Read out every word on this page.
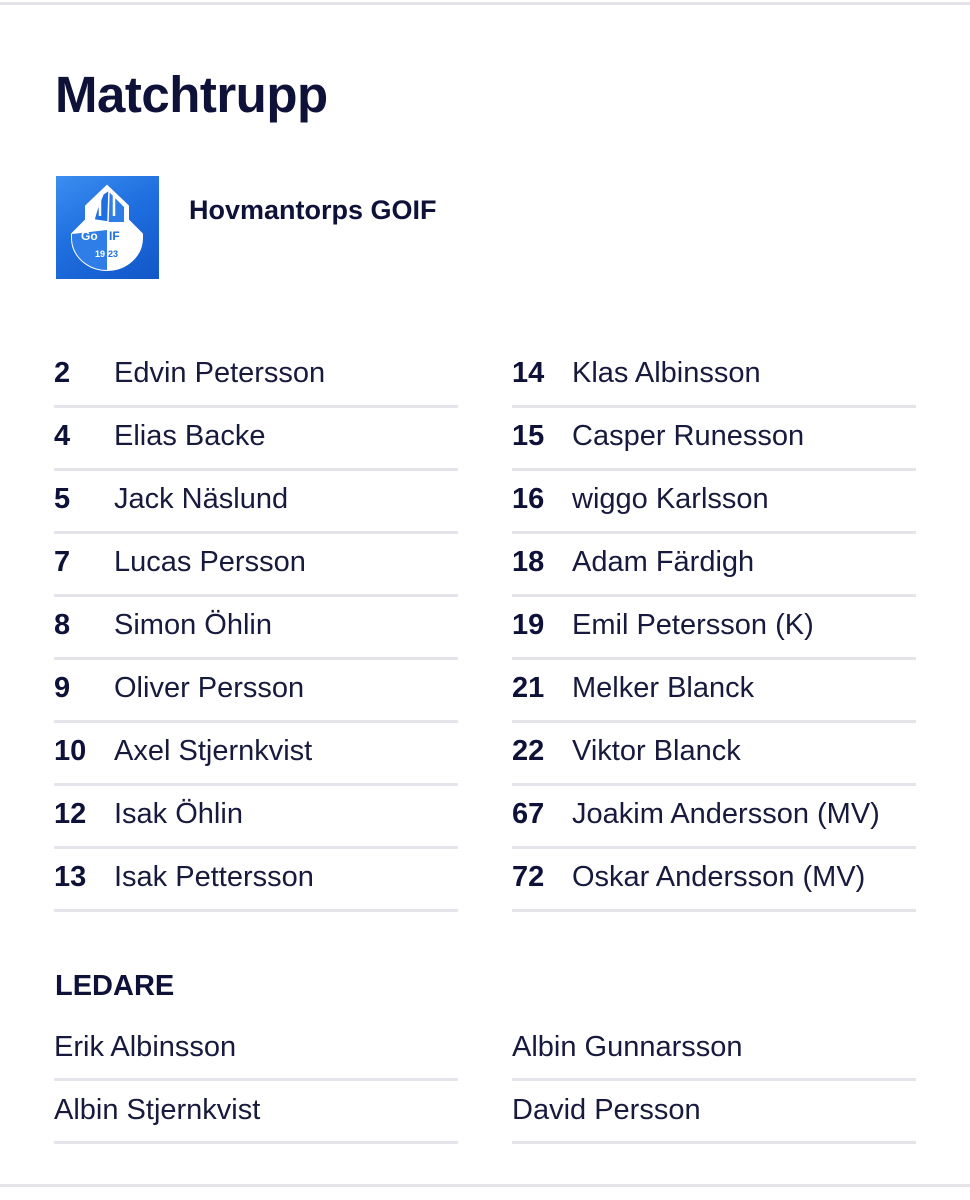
Matchtrupp
Go IF
19 23
Hovmantorps GOIF
2 Edvin Petersson
4 Elias Backe
5 Jack Näslund
7 Lucas Persson
8 Simon Öhlin
9 Oliver Persson
10 Axel Stjernkvist
12 Isak Öhlin
13 Isak Pettersson
14 Klas Albinsson
15 Casper Runesson
16 wiggo Karlsson
18 Adam Färdigh
19 Emil Petersson (K)
21 Melker Blanck
22 Viktor Blanck
67 Joakim Andersson (MV)
72 Oskar Andersson (MV)
LEDARE
Erik Albinsson
Albin Stjernkvist
Albin Gunnarsson
David Persson
